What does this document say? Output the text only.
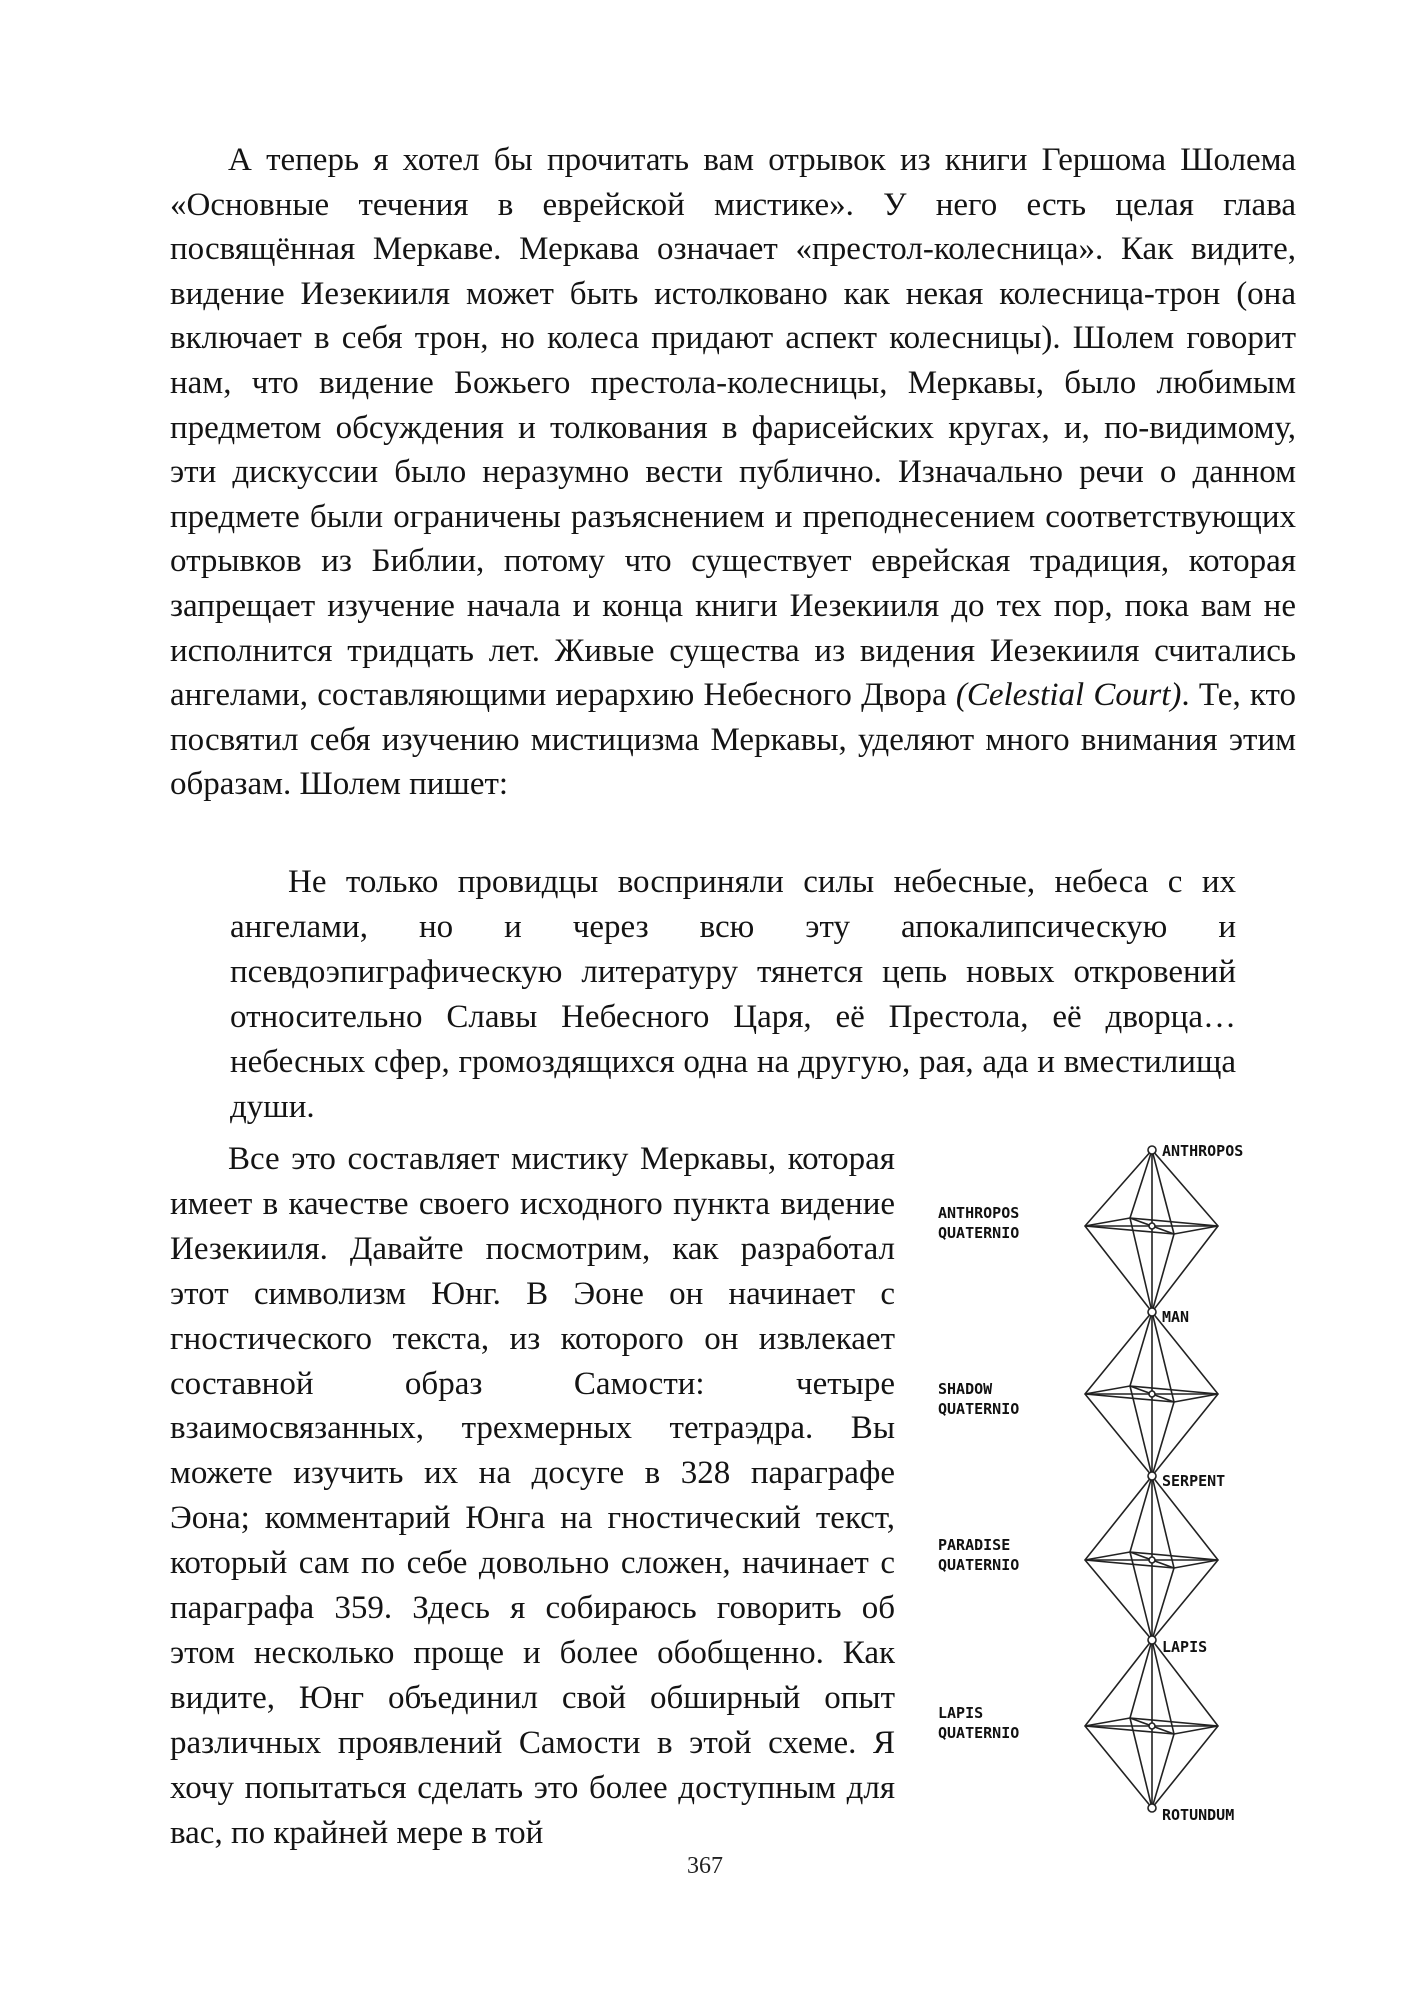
А теперь я хотел бы прочитать вам отрывок из книги Гершома Шолема «Основные течения в еврейской мистике». У него есть целая глава посвящённая Меркаве. Меркава означает «престол-колесница». Как видите, видение Иезекииля может быть истолковано как некая колесница-трон (она включает в себя трон, но колеса придают аспект колесницы). Шолем говорит нам, что видение Божьего престола-колесницы, Меркавы, было любимым предметом обсуждения и толкования в фарисейских кругах, и, по-видимому, эти дискуссии было неразумно вести публично. Изначально речи о данном предмете были ограничены разъяснением и преподнесением соответствующих отрывков из Библии, потому что существует еврейская традиция, которая запрещает изучение начала и конца книги Иезекииля до тех пор, пока вам не исполнится тридцать лет. Живые существа из видения Иезекииля считались ангелами, составляющими иерархию Небесного Двора (Celestial Court). Те, кто посвятил себя изучению мистицизма Меркавы, уделяют много внимания этим образам. Шолем пишет:

Не только провидцы восприняли силы небесные, небеса с их ангелами, но и через всю эту апокалипсическую и псевдоэпиграфическую литературу тянется цепь новых откровений относительно Славы Небесного Царя, её Престола, её дворца… небесных сфер, громоздящихся одна на другую, рая, ада и вместилища души.

Все это составляет мистику Меркавы, которая имеет в качестве своего исходного пункта видение Иезекииля. Давайте посмотрим, как разработал этот символизм Юнг. В Эоне он начинает с гностического текста, из которого он извлекает составной образ Самости: четыре взаимосвязанных, трехмерных тетраэдра. Вы можете изучить их на досуге в 328 параграфе Эона; комментарий Юнга на гностический текст, который сам по себе довольно сложен, начинает с параграфа 359. Здесь я собираюсь говорить об этом несколько проще и более обобщенно. Как видите, Юнг объединил свой обширный опыт различных проявлений Самости в этой схеме. Я хочу попытаться сделать это более доступным для вас, по крайней мере в той

ANTHROPOS
MAN
SERPENT
LAPIS
ROTUNDUM
ANTHROPOS
QUATERNIO
SHADOW
QUATERNIO
PARADISE
QUATERNIO
LAPIS
QUATERNIO
367
